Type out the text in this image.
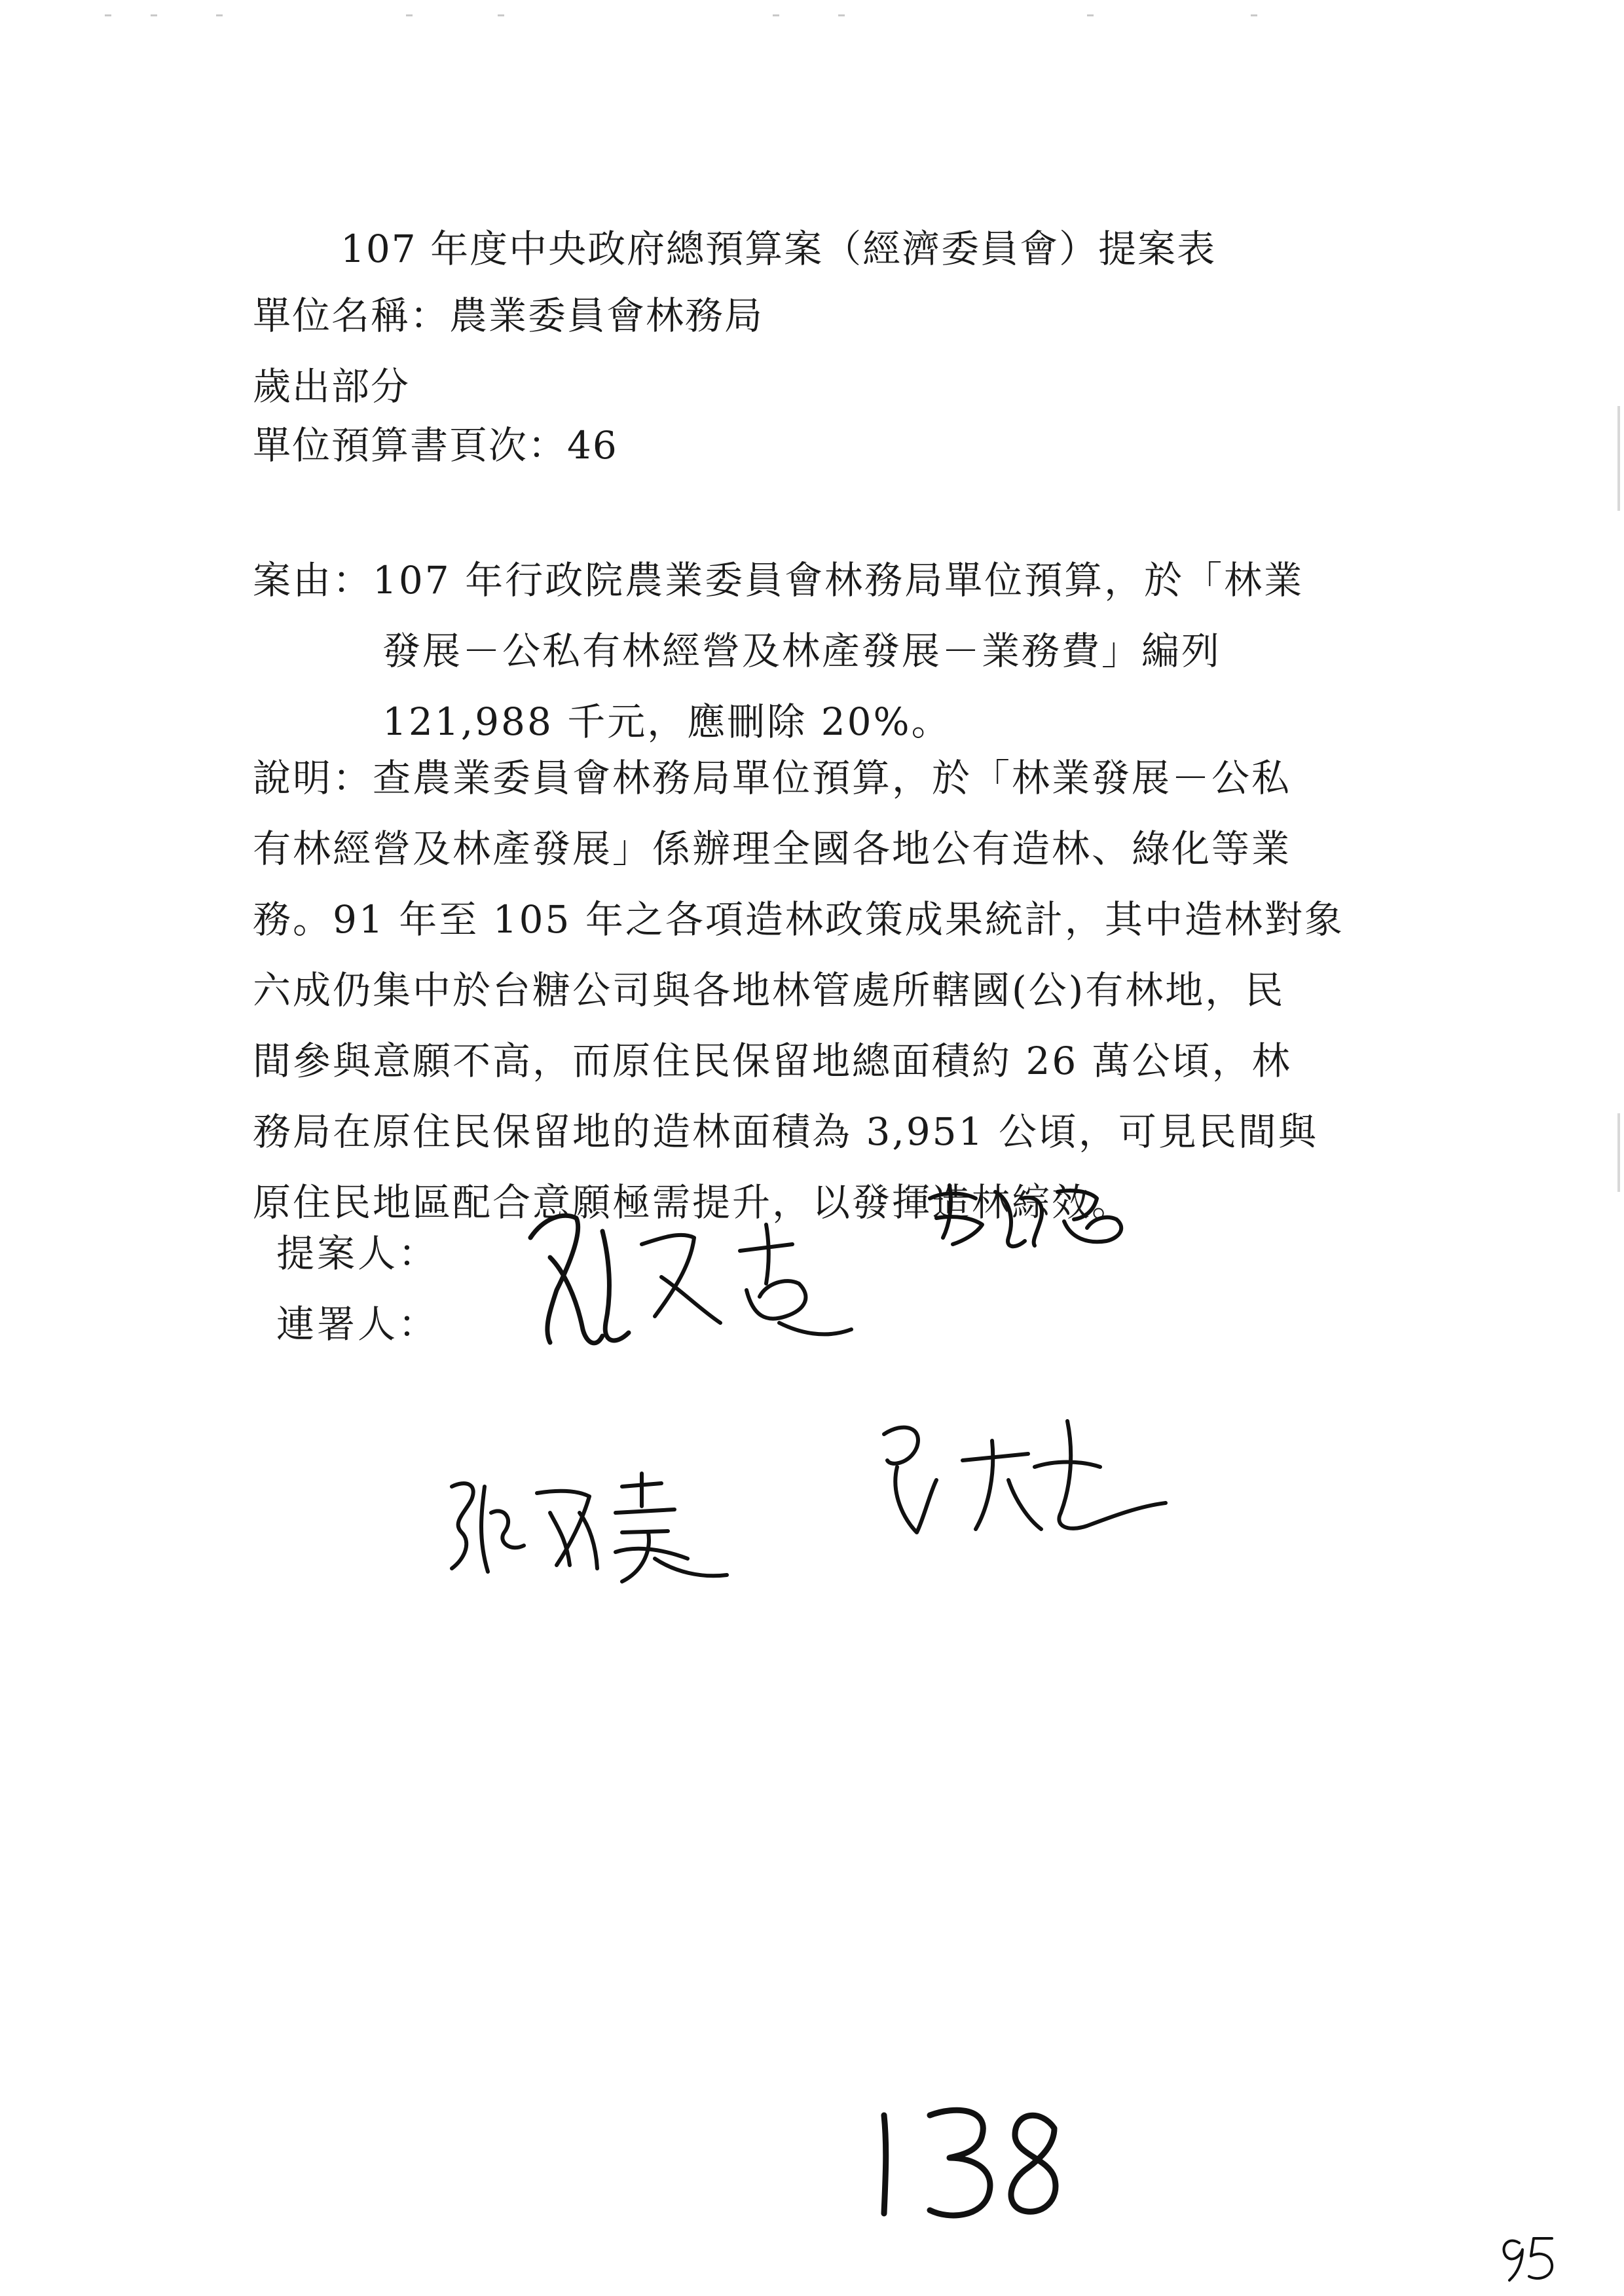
107 年度中央政府總預算案（經濟委員會）提案表
單位名稱：農業委員會林務局
歲出部分
單位預算書頁次：46
案由：107 年行政院農業委員會林務局單位預算，於「林業
發展－公私有林經營及林產發展－業務費」編列
121,988 千元，應刪除 20%。
說明：查農業委員會林務局單位預算，於「林業發展－公私
有林經營及林產發展」係辦理全國各地公有造林、綠化等業
務。91 年至 105 年之各項造林政策成果統計，其中造林對象
六成仍集中於台糖公司與各地林管處所轄國(公)有林地，民
間參與意願不高，而原住民保留地總面積約 26 萬公頃，林
務局在原住民保留地的造林面積為 3,951 公頃，可見民間與
原住民地區配合意願極需提升，以發揮造林綜效。
提案人：
連署人：
